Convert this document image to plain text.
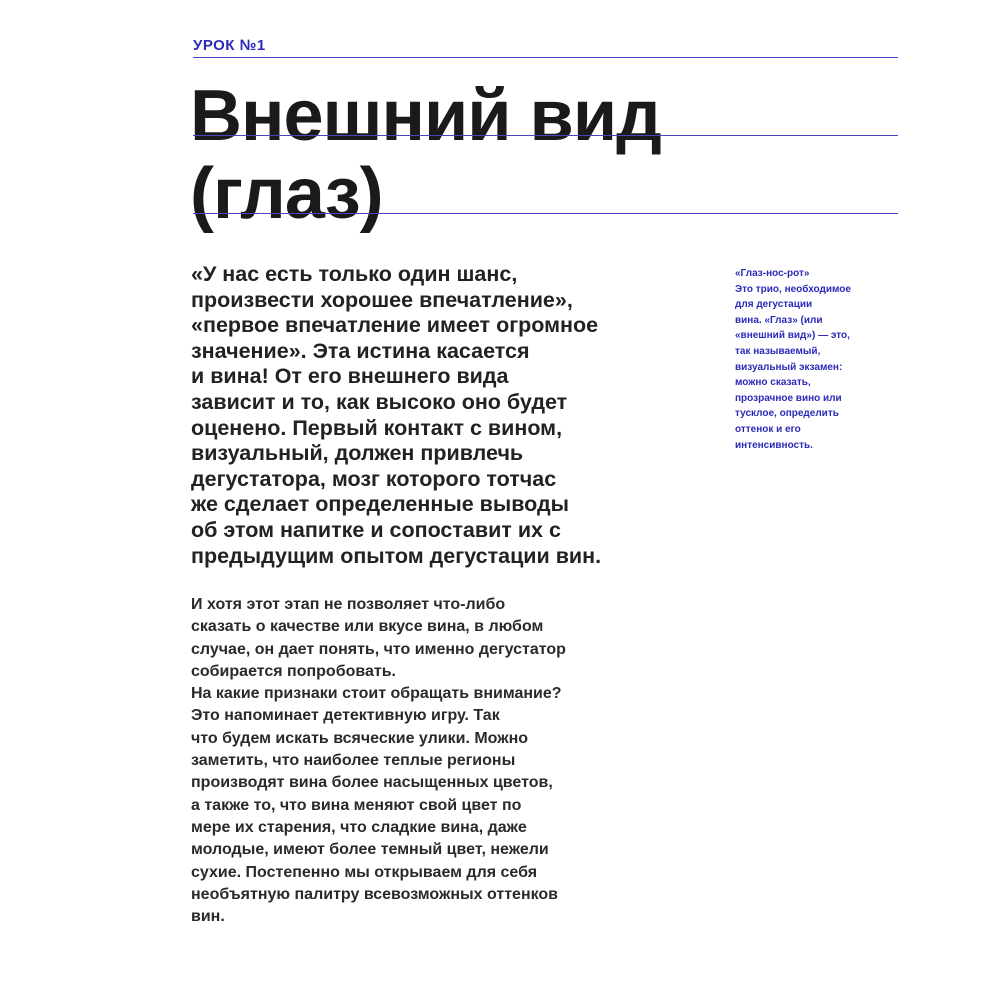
УРОК №1
Внешний вид
(глаз)
«У нас есть только один шанс,
произвести хорошее впечатление»,
«первое впечатление имеет огромное
значение». Эта истина касается
и вина! От его внешнего вида
зависит и то, как высоко оно будет
оценено. Первый контакт с вином,
визуальный, должен привлечь
дегустатора, мозг которого тотчас
же сделает определенные выводы
об этом напитке и сопоставит их с
предыдущим опытом дегустации вин.
И хотя этот этап не позволяет что-либо
сказать о качестве или вкусе вина, в любом
случае, он дает понять, что именно дегустатор
собирается попробовать.
На какие признаки стоит обращать внимание?
Это напоминает детективную игру. Так
что будем искать всяческие улики. Можно
заметить, что наиболее теплые регионы
производят вина более насыщенных цветов,
а также то, что вина меняют свой цвет по
мере их старения, что сладкие вина, даже
молодые, имеют более темный цвет, нежели
сухие. Постепенно мы открываем для себя
необъятную палитру всевозможных оттенков
вин.
«Глаз-нос-рот»
Это трио, необходимое
для дегустации
вина. «Глаз» (или
«внешний вид») — это,
так называемый,
визуальный экзамен:
можно сказать,
прозрачное вино или
тусклое, определить
оттенок и его
интенсивность.
